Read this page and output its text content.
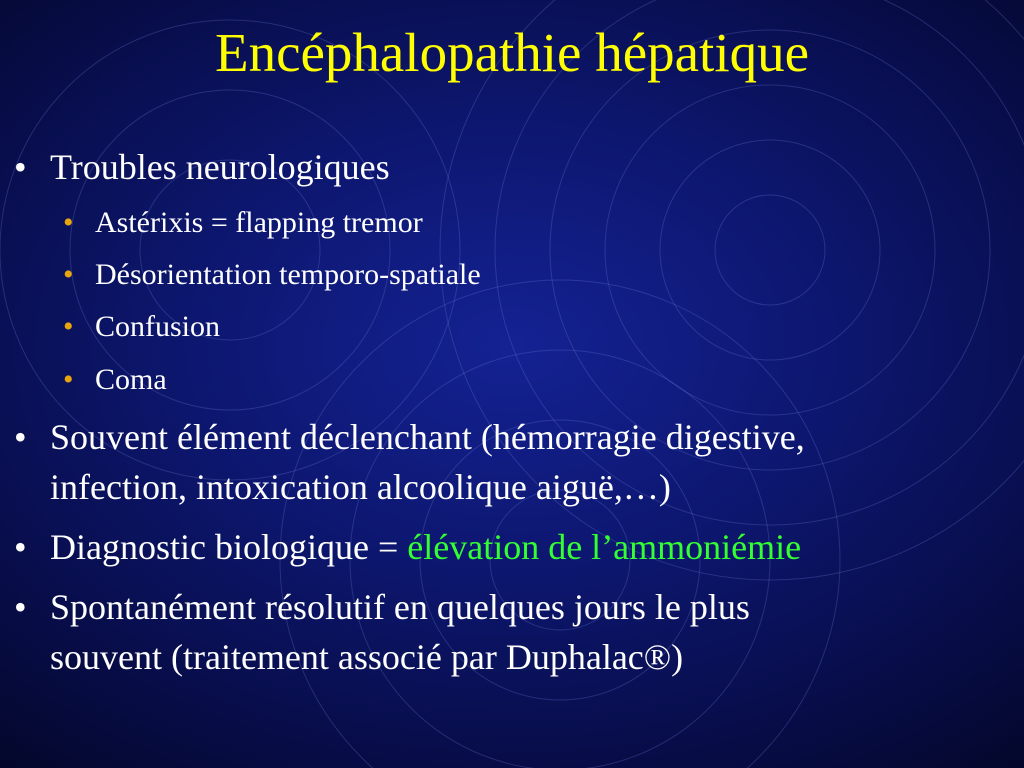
Encéphalopathie hépatique
• Troubles neurologiques
• Astérixis = flapping tremor
• Désorientation temporo-spatiale
• Confusion
• Coma
• Souvent élément déclenchant (hémorragie digestive,
infection, intoxication alcoolique aiguë,…)
• Diagnostic biologique = élévation de l’ammoniémie
• Spontanément résolutif en quelques jours le plus
souvent (traitement associé par Duphalac®)
